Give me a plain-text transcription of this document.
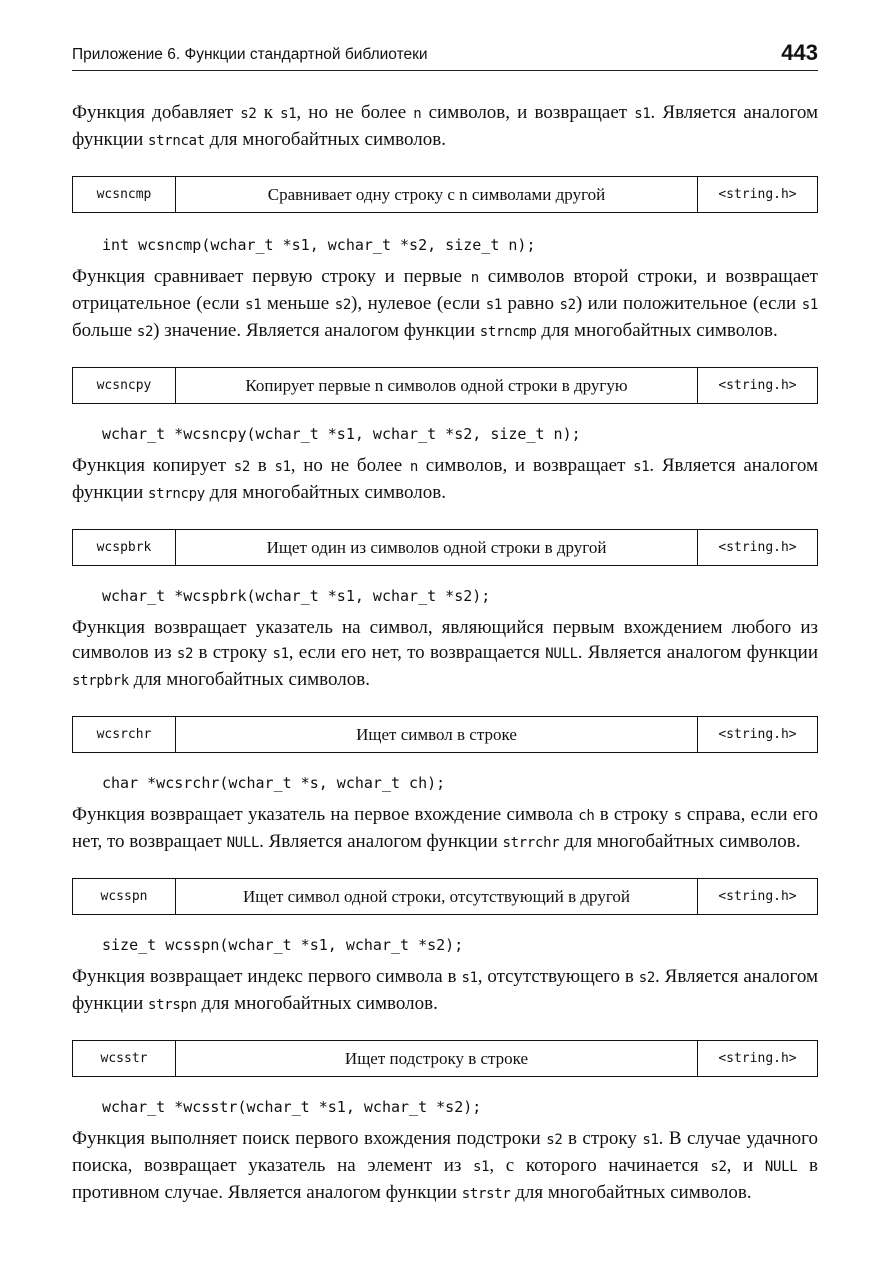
Приложение 6. Функции стандартной библиотеки	443

Функция добавляет s2 к s1, но не более n символов, и возвращает s1. Является аналогом функции strncat для многобайтных символов.

wcsncmp	Сравнивает одну строку с n символами другой	<string.h>

int wcsncmp(wchar_t *s1, wchar_t *s2, size_t n);

Функция сравнивает первую строку и первые n символов второй строки, и возвращает отрицательное (если s1 меньше s2), нулевое (если s1 равно s2) или положительное (если s1 больше s2) значение. Является аналогом функции strncmp для многобайтных символов.

wcsncpy	Копирует первые n символов одной строки в другую	<string.h>

wchar_t *wcsncpy(wchar_t *s1, wchar_t *s2, size_t n);

Функция копирует s2 в s1, но не более n символов, и возвращает s1. Является аналогом функции strncpy для многобайтных символов.

wcspbrk	Ищет один из символов одной строки в другой	<string.h>

wchar_t *wcspbrk(wchar_t *s1, wchar_t *s2);

Функция возвращает указатель на символ, являющийся первым вхождением любого из символов из s2 в строку s1, если его нет, то возвращается NULL. Является аналогом функции strpbrk для многобайтных символов.

wcsrchr	Ищет символ в строке	<string.h>

char *wcsrchr(wchar_t *s, wchar_t ch);

Функция возвращает указатель на первое вхождение символа ch в строку s справа, если его нет, то возвращает NULL. Является аналогом функции strrchr для многобайтных символов.

wcsspn	Ищет символ одной строки, отсутствующий в другой	<string.h>

size_t wcsspn(wchar_t *s1, wchar_t *s2);

Функция возвращает индекс первого символа в s1, отсутствующего в s2. Является аналогом функции strspn для многобайтных символов.

wcsstr	Ищет подстроку в строке	<string.h>

wchar_t *wcsstr(wchar_t *s1, wchar_t *s2);

Функция выполняет поиск первого вхождения подстроки s2 в строку s1. В случае удачного поиска, возвращает указатель на элемент из s1, с которого начинается s2, и NULL в противном случае. Является аналогом функции strstr для многобайтных символов.
